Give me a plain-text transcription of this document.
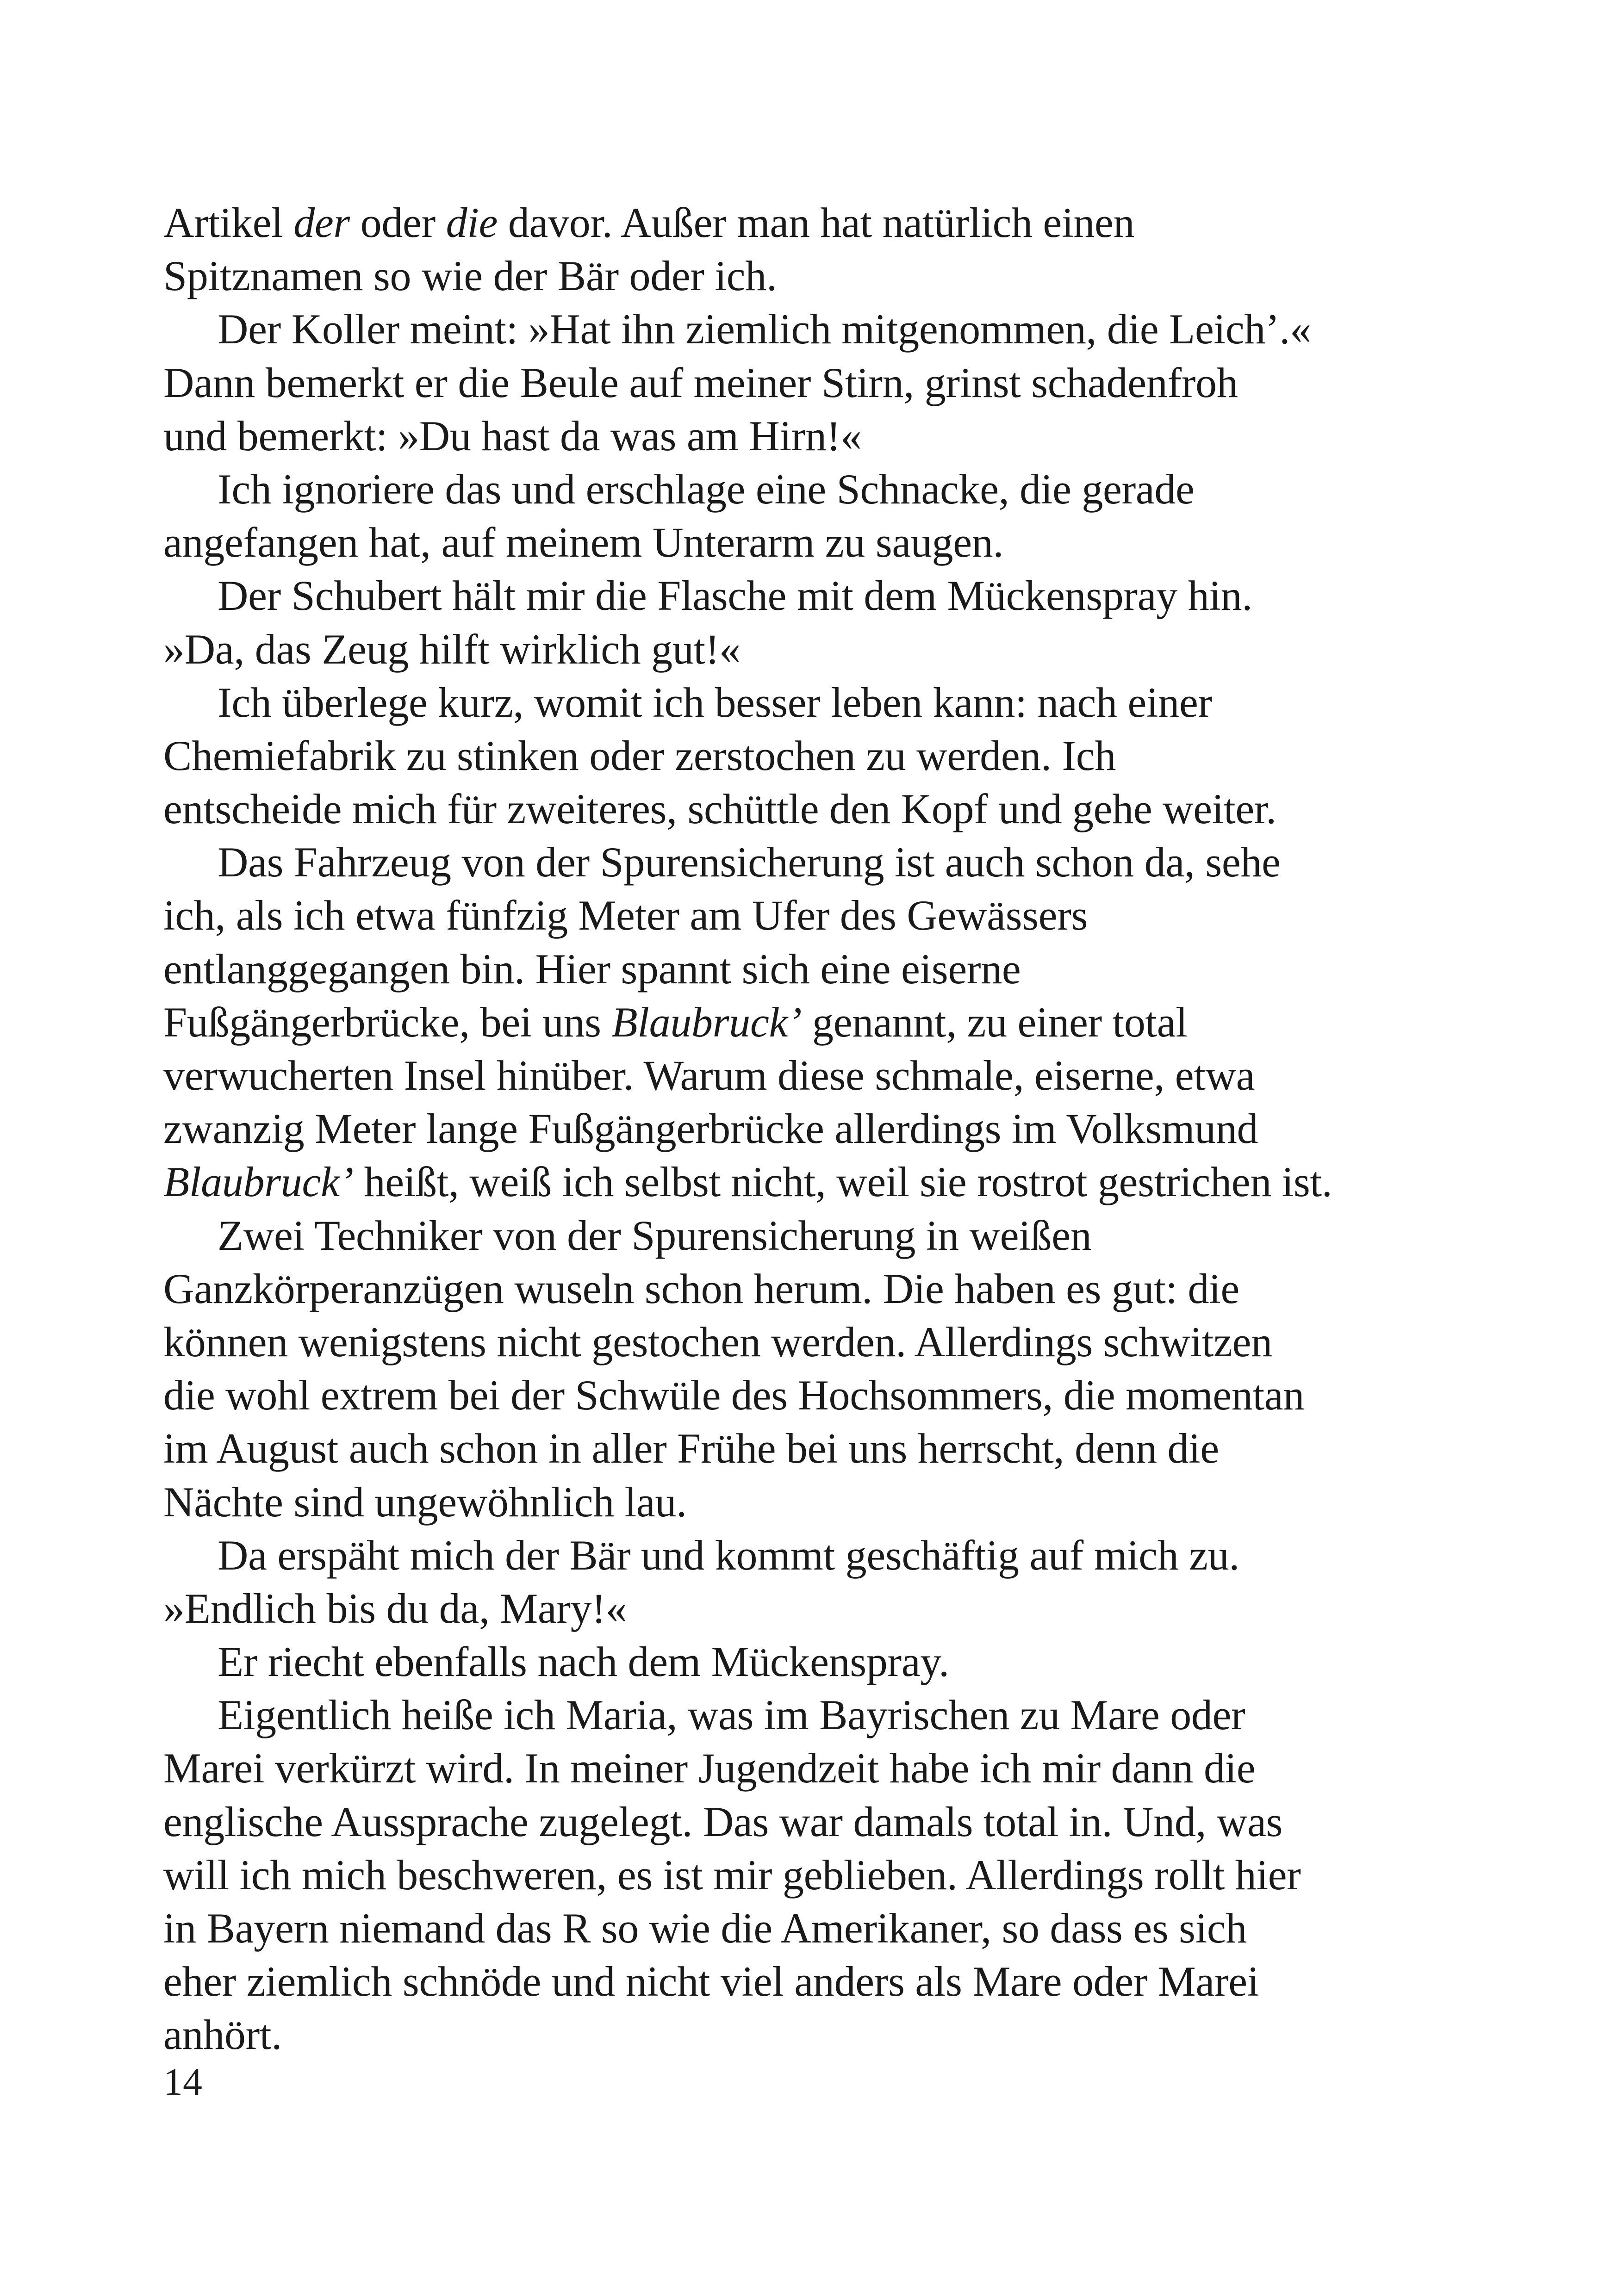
Artikel der oder die davor. Außer man hat natürlich einen
Spitznamen so wie der Bär oder ich.
Der Koller meint: »Hat ihn ziemlich mitgenommen, die Leich’.«
Dann bemerkt er die Beule auf meiner Stirn, grinst schadenfroh
und bemerkt: »Du hast da was am Hirn!«
Ich ignoriere das und erschlage eine Schnacke, die gerade
angefangen hat, auf meinem Unterarm zu saugen.
Der Schubert hält mir die Flasche mit dem Mückenspray hin.
»Da, das Zeug hilft wirklich gut!«
Ich überlege kurz, womit ich besser leben kann: nach einer
Chemiefabrik zu stinken oder zerstochen zu werden. Ich
entscheide mich für zweiteres, schüttle den Kopf und gehe weiter.
Das Fahrzeug von der Spurensicherung ist auch schon da, sehe
ich, als ich etwa fünfzig Meter am Ufer des Gewässers
entlanggegangen bin. Hier spannt sich eine eiserne
Fußgängerbrücke, bei uns Blaubruck’ genannt, zu einer total
verwucherten Insel hinüber. Warum diese schmale, eiserne, etwa
zwanzig Meter lange Fußgängerbrücke allerdings im Volksmund
Blaubruck’ heißt, weiß ich selbst nicht, weil sie rostrot gestrichen ist.
Zwei Techniker von der Spurensicherung in weißen
Ganzkörperanzügen wuseln schon herum. Die haben es gut: die
können wenigstens nicht gestochen werden. Allerdings schwitzen
die wohl extrem bei der Schwüle des Hochsommers, die momentan
im August auch schon in aller Frühe bei uns herrscht, denn die
Nächte sind ungewöhnlich lau.
Da erspäht mich der Bär und kommt geschäftig auf mich zu.
»Endlich bis du da, Mary!«
Er riecht ebenfalls nach dem Mückenspray.
Eigentlich heiße ich Maria, was im Bayrischen zu Mare oder
Marei verkürzt wird. In meiner Jugendzeit habe ich mir dann die
englische Aussprache zugelegt. Das war damals total in. Und, was
will ich mich beschweren, es ist mir geblieben. Allerdings rollt hier
in Bayern niemand das R so wie die Amerikaner, so dass es sich
eher ziemlich schnöde und nicht viel anders als Mare oder Marei
anhört.
14
